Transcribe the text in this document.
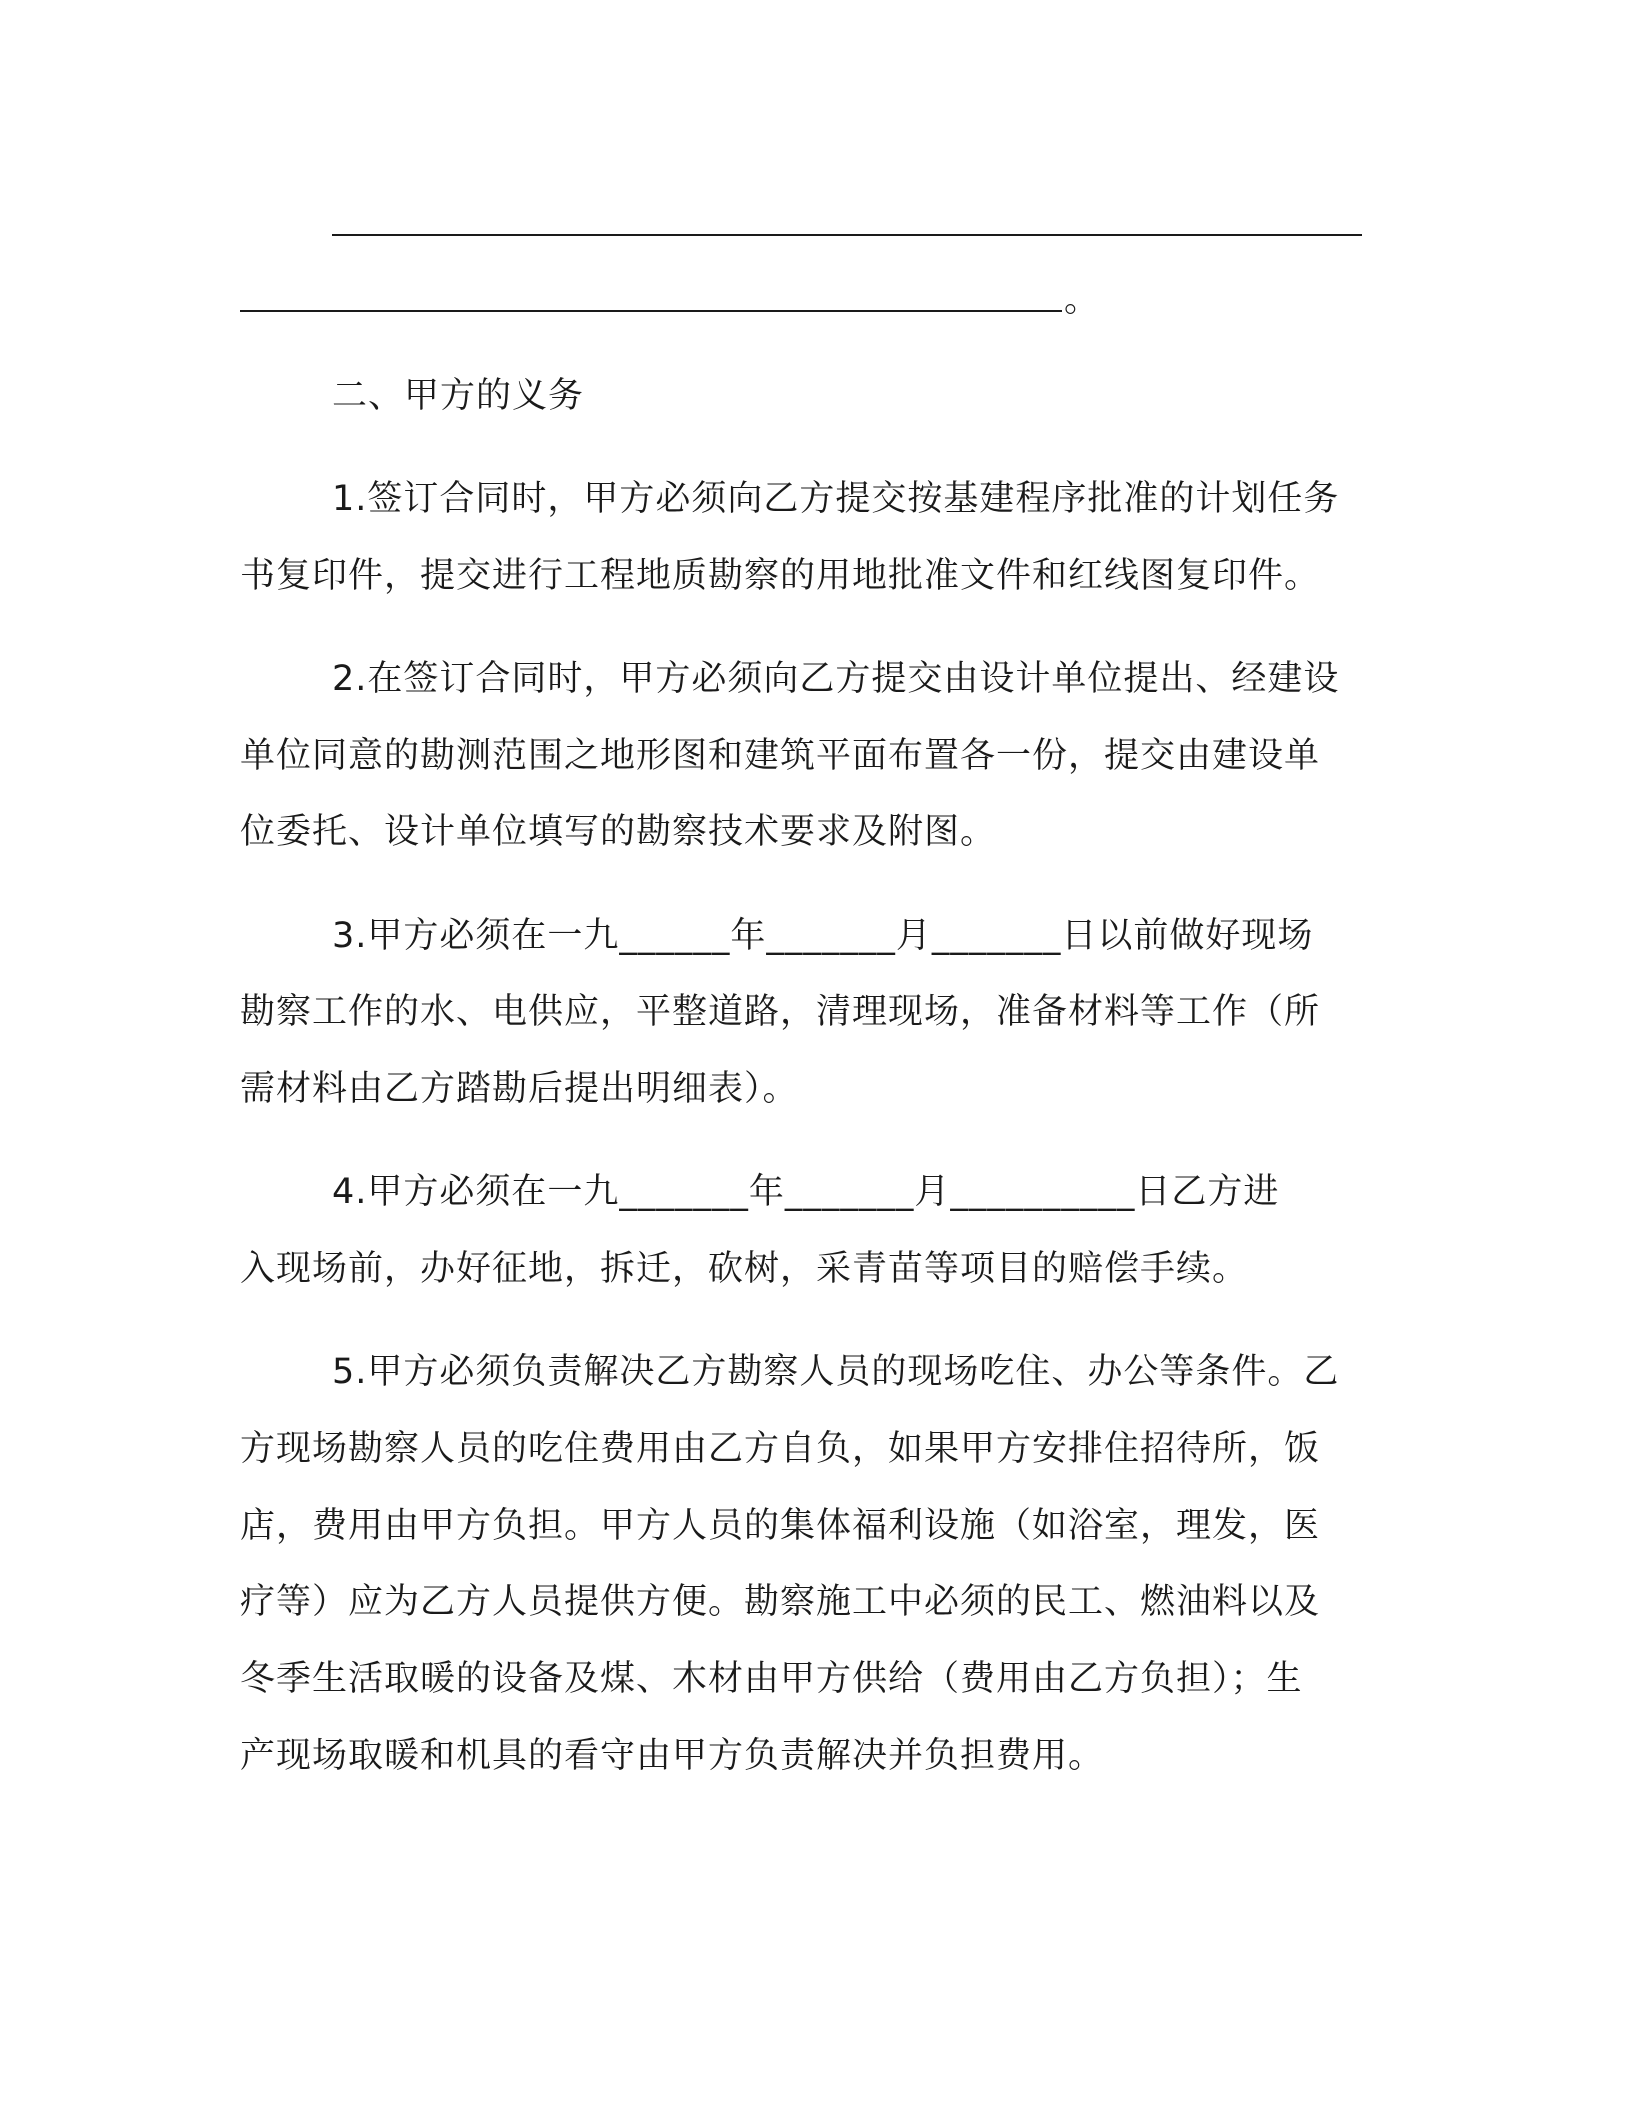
。

二、甲方的义务

1.签订合同时，甲方必须向乙方提交按基建程序批准的计划任务

书复印件，提交进行工程地质勘察的用地批准文件和红线图复印件。

2.在签订合同时，甲方必须向乙方提交由设计单位提出、经建设

单位同意的勘测范围之地形图和建筑平面布置各一份，提交由建设单

位委托、设计单位填写的勘察技术要求及附图。

3.甲方必须在一九______年_______月_______日以前做好现场

勘察工作的水、电供应，平整道路，清理现场，准备材料等工作（所

需材料由乙方踏勘后提出明细表）。

4.甲方必须在一九_______年_______月__________日乙方进

入现场前，办好征地，拆迁，砍树，采青苗等项目的赔偿手续。

5.甲方必须负责解决乙方勘察人员的现场吃住、办公等条件。乙

方现场勘察人员的吃住费用由乙方自负，如果甲方安排住招待所，饭

店，费用由甲方负担。甲方人员的集体福利设施（如浴室，理发，医

疗等）应为乙方人员提供方便。勘察施工中必须的民工、燃油料以及

冬季生活取暖的设备及煤、木材由甲方供给（费用由乙方负担）；生

产现场取暖和机具的看守由甲方负责解决并负担费用。
